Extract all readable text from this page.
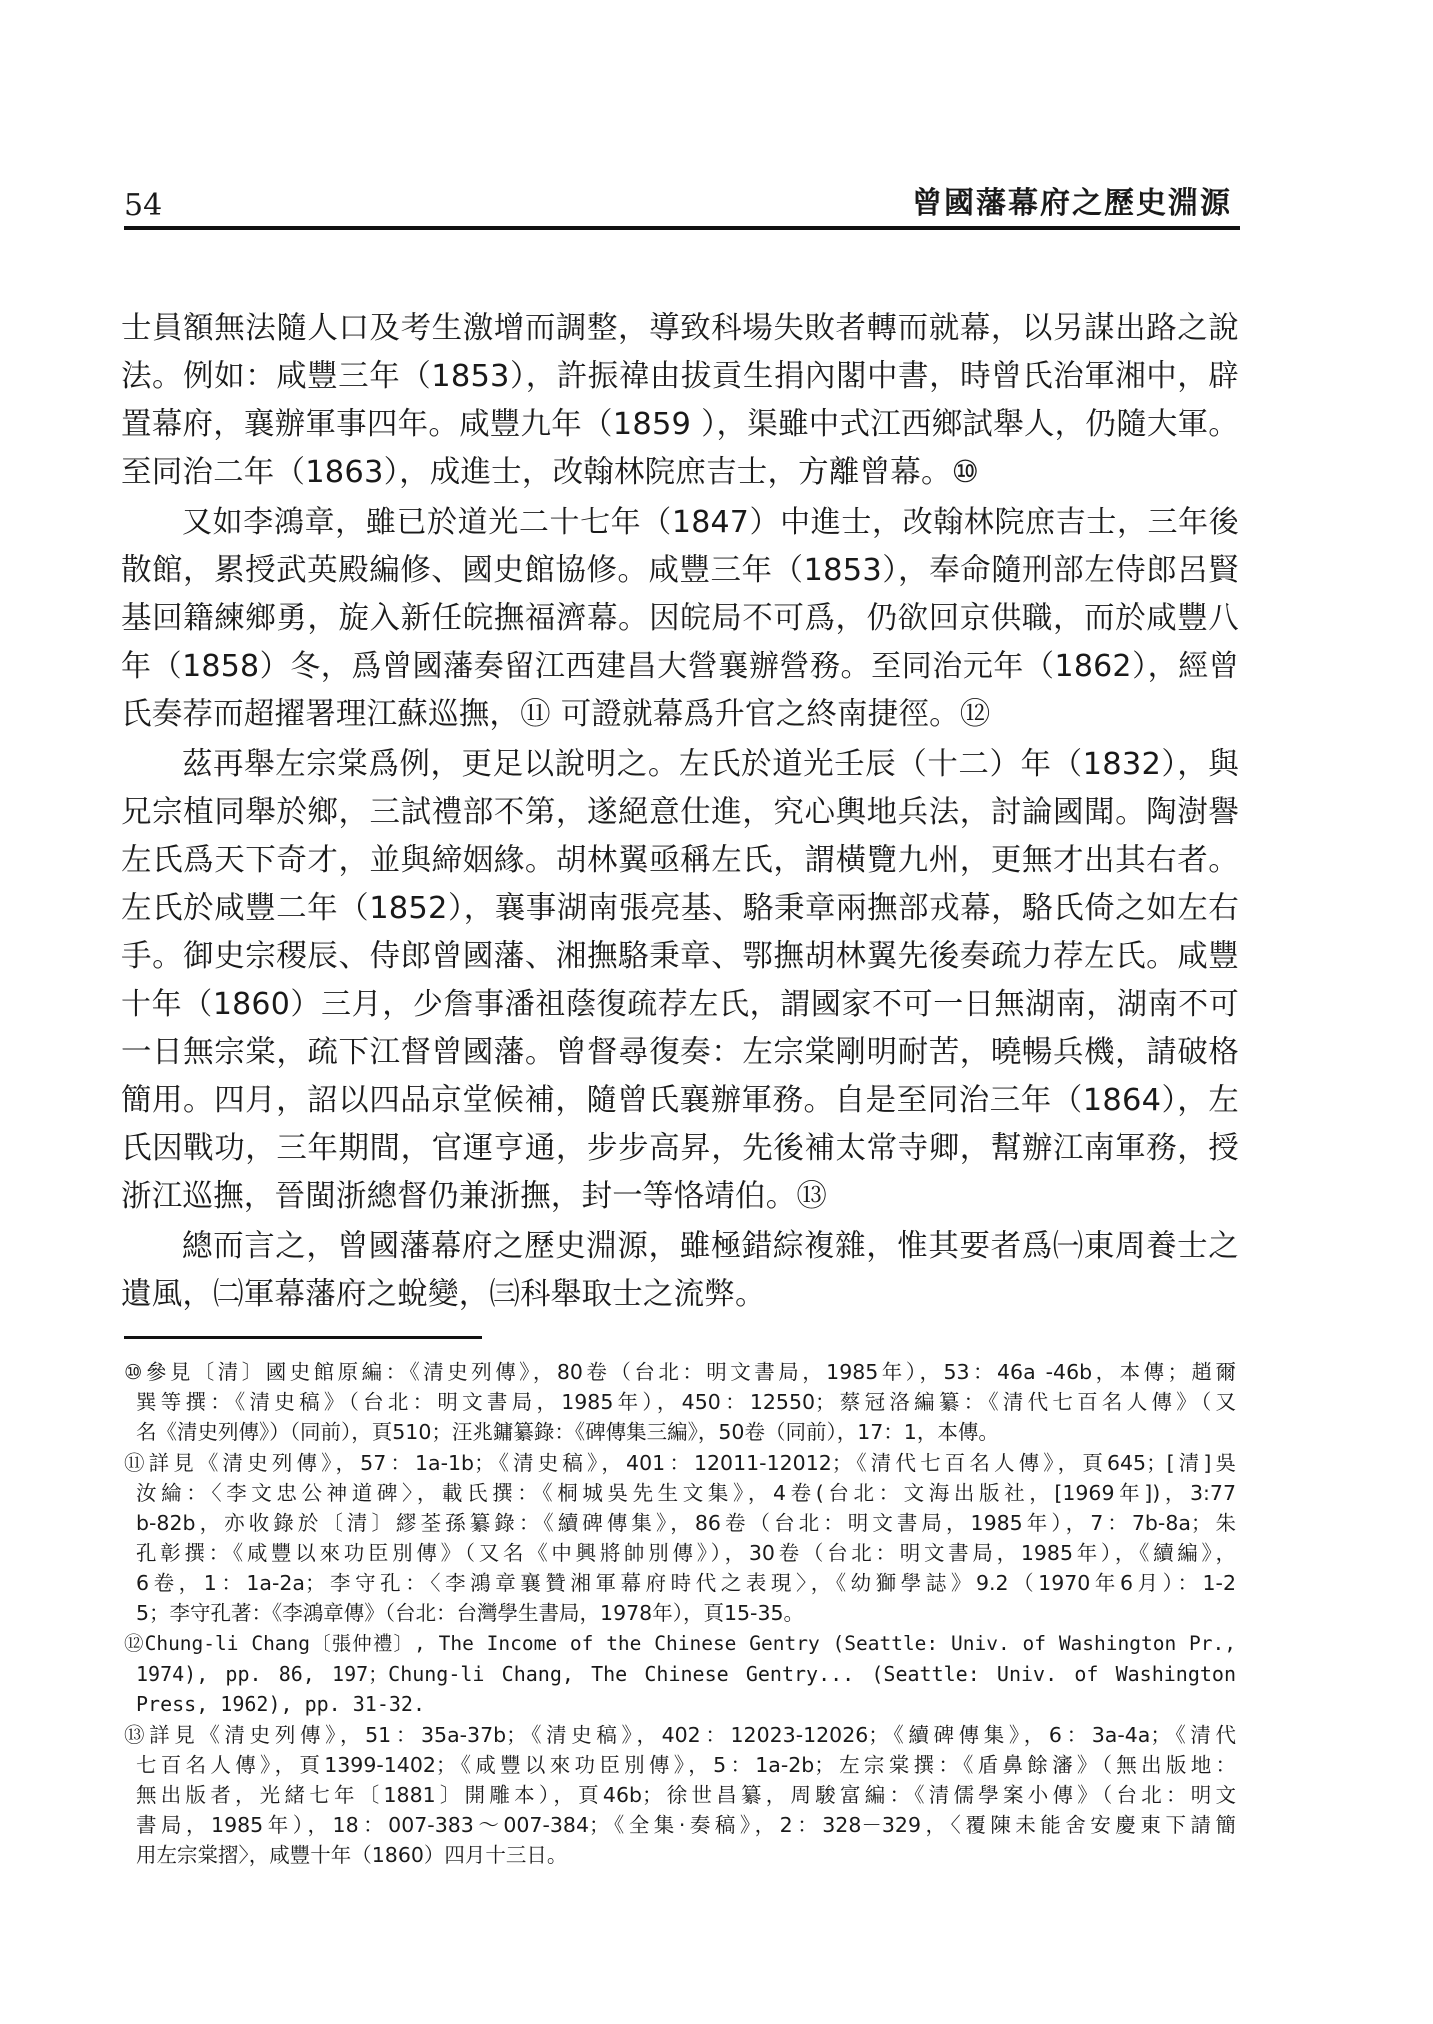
54	曾國藩幕府之歷史淵源
士員額無法隨人口及考生激增而調整，導致科場失敗者轉而就幕，以另謀出路之說
法。例如：咸豐三年（1853），許振禕由拔貢生捐內閣中書，時曾氏治軍湘中，辟
置幕府，襄辦軍事四年。咸豐九年（1859 ），渠雖中式江西鄉試舉人，仍隨大軍。
至同治二年（1863），成進士，改翰林院庶吉士，方離曾幕。⑩
又如李鴻章，雖已於道光二十七年（1847）中進士，改翰林院庶吉士，三年後
散館，累授武英殿編修、國史館協修。咸豐三年（1853），奉命隨刑部左侍郎呂賢
基回籍練鄉勇，旋入新任皖撫福濟幕。因皖局不可爲，仍欲回京供職，而於咸豐八
年（1858）冬，爲曾國藩奏留江西建昌大營襄辦營務。至同治元年（1862），經曾
氏奏荐而超擢署理江蘇巡撫，⑪ 可證就幕爲升官之終南捷徑。⑫
茲再舉左宗棠爲例，更足以說明之。左氏於道光壬辰（十二）年（1832），與
兄宗植同舉於鄉，三試禮部不第，遂絕意仕進，究心輿地兵法，討論國聞。陶澍譽
左氏爲天下奇才，並與締姻緣。胡林翼亟稱左氏，謂橫覽九州，更無才出其右者。
左氏於咸豐二年（1852），襄事湖南張亮基、駱秉章兩撫部戎幕，駱氏倚之如左右
手。御史宗稷辰、侍郎曾國藩、湘撫駱秉章、鄂撫胡林翼先後奏疏力荐左氏。咸豐
十年（1860）三月，少詹事潘祖蔭復疏荐左氏，謂國家不可一日無湖南，湖南不可
一日無宗棠，疏下江督曾國藩。曾督尋復奏：左宗棠剛明耐苦，曉暢兵機，請破格
簡用。四月，詔以四品京堂候補，隨曾氏襄辦軍務。自是至同治三年（1864），左
氏因戰功，三年期間，官運亨通，步步高昇，先後補太常寺卿，幫辦江南軍務，授
浙江巡撫，晉閩浙總督仍兼浙撫，封一等恪靖伯。⑬
總而言之，曾國藩幕府之歷史淵源，雖極錯綜複雜，惟其要者爲㈠東周養士之
遺風，㈡軍幕藩府之蛻變，㈢科舉取士之流弊。
⑩參見〔清〕國史館原編：《清史列傳》，80卷（台北：明文書局，1985年），53：46a -46b，本傳；趙爾
巽等撰：《清史稿》（台北：明文書局，1985年），450：12550；蔡冠洛編纂：《清代七百名人傳》（又
名《清史列傳》）（同前），頁510；汪兆鏞纂錄：《碑傳集三編》，50卷（同前），17：1，本傳。
⑪詳見《清史列傳》，57：1a-1b；《清史稿》，401：12011-12012；《清代七百名人傳》，頁645；[清]吳
汝綸：〈李文忠公神道碑〉，載氏撰：《桐城吳先生文集》，4卷(台北：文海出版社，[1969年])，3:77
b-82b，亦收錄於〔清〕繆荃孫纂錄：《續碑傳集》，86卷（台北：明文書局，1985年），7：7b-8a；朱
孔彰撰：《咸豐以來功臣別傳》（又名《中興將帥別傳》），30卷（台北：明文書局，1985年），《續編》，
6卷，1：1a-2a；李守孔：〈李鴻章襄贊湘軍幕府時代之表現〉，《幼獅學誌》9.2（1970年6月）：1-2
5；李守孔著：《李鴻章傳》（台北：台灣學生書局，1978年），頁15-35。
⑫Chung-li Chang〔張仲禮〕, The Income of the Chinese Gentry (Seattle: Univ. of Washington Pr.,
1974), pp. 86, 197；Chung-li Chang, The Chinese Gentry... (Seattle: Univ. of Washington
Press, 1962), pp. 31-32.
⑬詳見《清史列傳》，51：35a-37b；《清史稿》，402：12023-12026；《續碑傳集》，6：3a-4a；《清代
七百名人傳》，頁1399-1402；《咸豐以來功臣別傳》，5：1a-2b；左宗棠撰：《盾鼻餘瀋》（無出版地：
無出版者，光緒七年〔1881〕開雕本），頁46b；徐世昌纂，周駿富編：《清儒學案小傳》（台北：明文
書局，1985年），18：007-383～007-384；《全集·奏稿》，2：328－329，〈覆陳未能舍安慶東下請簡
用左宗棠摺〉，咸豐十年（1860）四月十三日。
